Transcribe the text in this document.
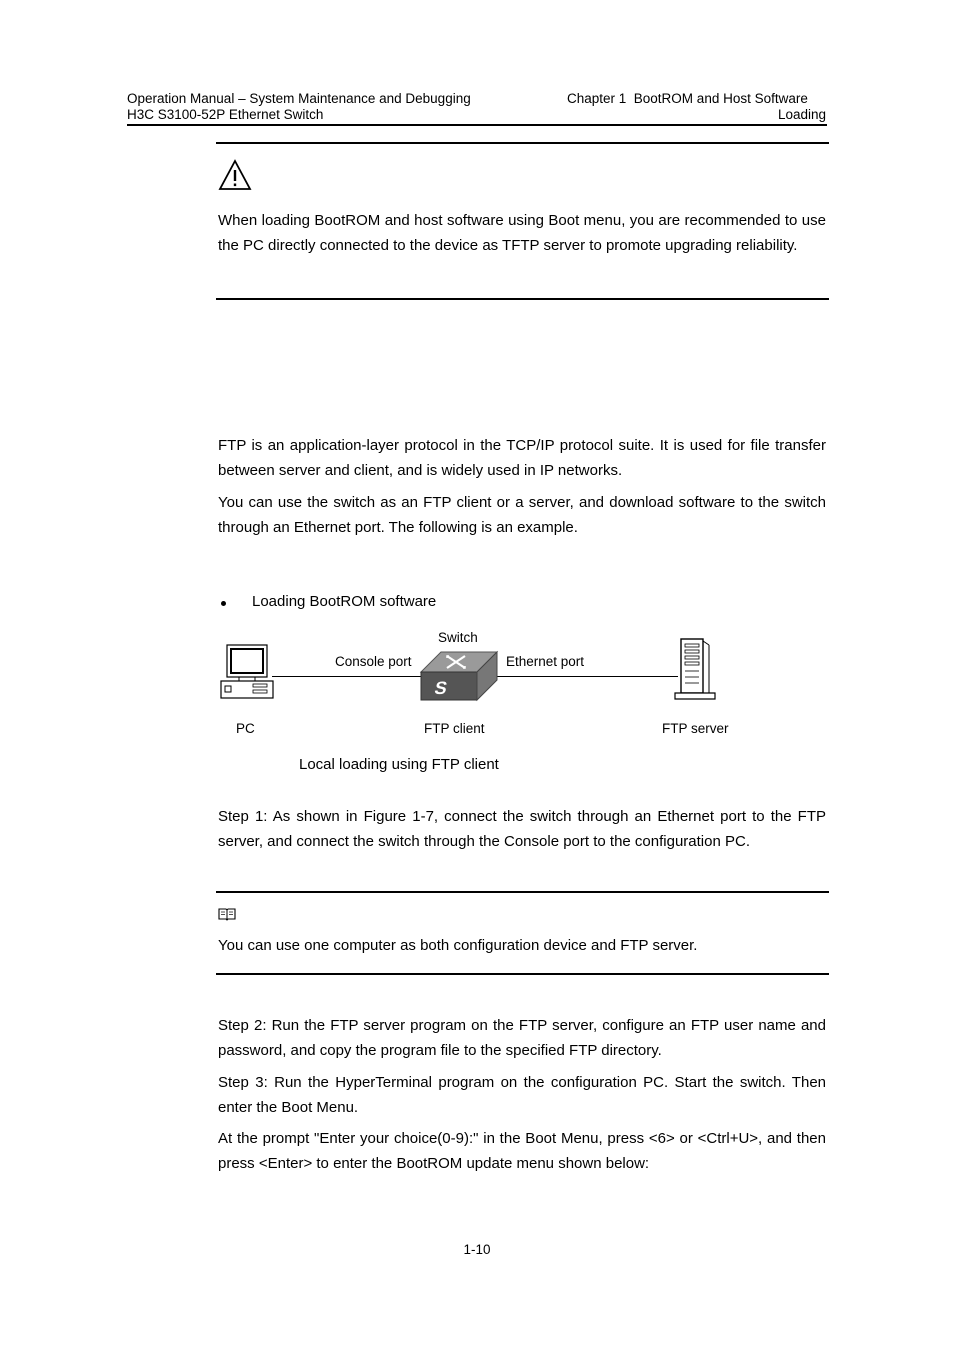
Operation Manual – System Maintenance and Debugging
H3C S3100-52P Ethernet Switch
Chapter 1  BootROM and Host Software
Loading
When loading BootROM and host software using Boot menu, you are recommended to use the PC directly connected to the device as TFTP server to promote upgrading reliability.
FTP is an application-layer protocol in the TCP/IP protocol suite. It is used for file transfer between server and client, and is widely used in IP networks.
You can use the switch as an FTP client or a server, and download software to the switch through an Ethernet port. The following is an example.
Loading BootROM software
S
Switch
Console port	Ethernet port
PC	FTP client	FTP server
Local loading using FTP client
Step 1: As shown in Figure 1-7, connect the switch through an Ethernet port to the FTP server, and connect the switch through the Console port to the configuration PC.
You can use one computer as both configuration device and FTP server.
Step 2: Run the FTP server program on the FTP server, configure an FTP user name and password, and copy the program file to the specified FTP directory.
Step 3: Run the HyperTerminal program on the configuration PC. Start the switch. Then enter the Boot Menu.
At the prompt "Enter your choice(0-9):" in the Boot Menu, press <6> or <Ctrl+U>, and then press <Enter> to enter the BootROM update menu shown below:
1-10
